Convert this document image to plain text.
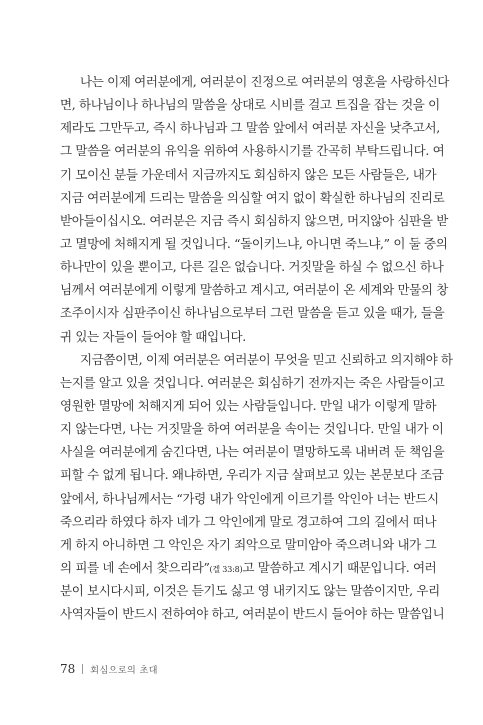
나는 이제 여러분에게, 여러분이 진정으로 여러분의 영혼을 사랑하신다
면, 하나님이나 하나님의 말씀을 상대로 시비를 걸고 트집을 잡는 것을 이
제라도 그만두고, 즉시 하나님과 그 말씀 앞에서 여러분 자신을 낮추고서,
그 말씀을 여러분의 유익을 위하여 사용하시기를 간곡히 부탁드립니다. 여
기 모이신 분들 가운데서 지금까지도 회심하지 않은 모든 사람들은, 내가
지금 여러분에게 드리는 말씀을 의심할 여지 없이 확실한 하나님의 진리로
받아들이십시오. 여러분은 지금 즉시 회심하지 않으면, 머지않아 심판을 받
고 멸망에 처해지게 될 것입니다. “돌이키느냐, 아니면 죽느냐,” 이 둘 중의
하나만이 있을 뿐이고, 다른 길은 없습니다. 거짓말을 하실 수 없으신 하나
님께서 여러분에게 이렇게 말씀하고 계시고, 여러분이 온 세계와 만물의 창
조주이시자 심판주이신 하나님으로부터 그런 말씀을 듣고 있을 때가, 들을
귀 있는 자들이 들어야 할 때입니다.
지금쯤이면, 이제 여러분은 여러분이 무엇을 믿고 신뢰하고 의지해야 하
는지를 알고 있을 것입니다. 여러분은 회심하기 전까지는 죽은 사람들이고
영원한 멸망에 처해지게 되어 있는 사람들입니다. 만일 내가 이렇게 말하
지 않는다면, 나는 거짓말을 하여 여러분을 속이는 것입니다. 만일 내가 이
사실을 여러분에게 숨긴다면, 나는 여러분이 멸망하도록 내버려 둔 책임을
피할 수 없게 됩니다. 왜냐하면, 우리가 지금 살펴보고 있는 본문보다 조금
앞에서, 하나님께서는 “가령 내가 악인에게 이르기를 악인아 너는 반드시
죽으리라 하였다 하자 네가 그 악인에게 말로 경고하여 그의 길에서 떠나
게 하지 아니하면 그 악인은 자기 죄악으로 말미암아 죽으려니와 내가 그
의 피를 네 손에서 찾으리라”(겔 33:8)고 말씀하고 계시기 때문입니다. 여러
분이 보시다시피, 이것은 듣기도 싫고 영 내키지도 않는 말씀이지만, 우리
사역자들이 반드시 전하여야 하고, 여러분이 반드시 들어야 하는 말씀입니
78 회심으로의 초대
